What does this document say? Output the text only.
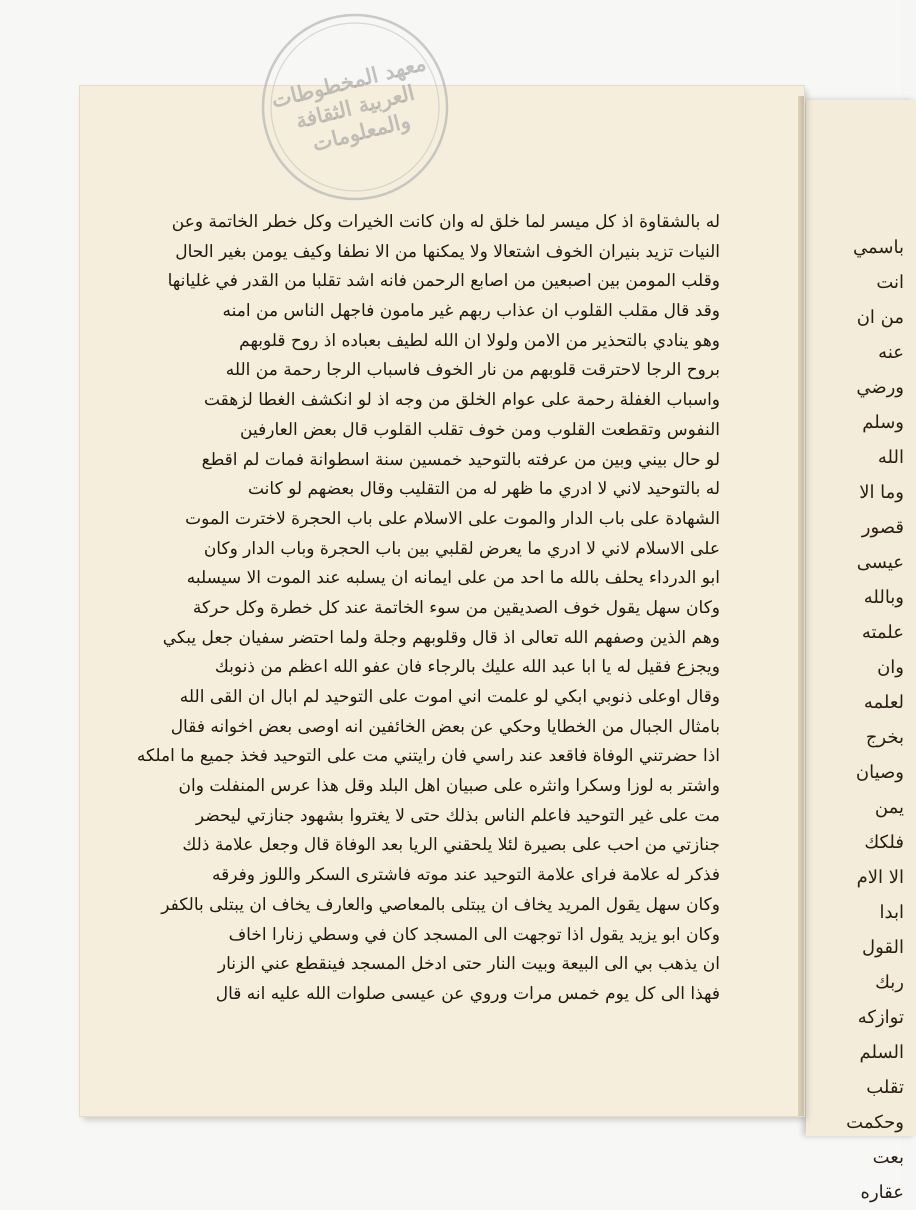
باسمي
انت
من ان
عنه
ورضي
وسلم
الله
وما الا
قصور
عيسى
وبالله
علمته
وان
لعلمه
بخرج
وصيان
يمن
فلكك
الا الام
ابدا
القول
ربك
توازكه
السلم
تقلب
وحكمت
بعت
عقاره
له بالشقاوة اذ كل ميسر لما خلق له وان كانت الخيرات وكل خطر الخاتمة وعن
النيات تزيد بنيران الخوف اشتعالا ولا يمكنها من الا نطفا وكيف يومن بغير الحال
وقلب المومن بين اصبعين من اصابع الرحمن فانه اشد تقلبا من القدر في غليانها
وقد قال مقلب القلوب ان عذاب ربهم غير مامون فاجهل الناس من امنه
وهو ينادي بالتحذير من الامن ولولا ان الله لطيف بعباده اذ روح قلوبهم
بروح الرجا لاحترقت قلوبهم من نار الخوف فاسباب الرجا رحمة من الله
واسباب الغفلة رحمة على عوام الخلق من وجه اذ لو انكشف الغطا لزهقت
النفوس وتقطعت القلوب ومن خوف تقلب القلوب قال بعض العارفين
لو حال بيني وبين من عرفته بالتوحيد خمسين سنة اسطوانة فمات لم اقطع
له بالتوحيد لاني لا ادري ما ظهر له من التقليب وقال بعضهم لو كانت
الشهادة على باب الدار والموت على الاسلام على باب الحجرة لاخترت الموت
على الاسلام لاني لا ادري ما يعرض لقلبي بين باب الحجرة وباب الدار وكان
ابو الدرداء يحلف بالله ما احد من على ايمانه ان يسلبه عند الموت الا سيسلبه
وكان سهل يقول خوف الصديقين من سوء الخاتمة عند كل خطرة وكل حركة
وهم الذين وصفهم الله تعالى اذ قال وقلوبهم وجلة ولما احتضر سفيان جعل يبكي
ويجزع فقيل له يا ابا عبد الله عليك بالرجاء فان عفو الله اعظم من ذنوبك
وقال اوعلى ذنوبي ابكي لو علمت اني اموت على التوحيد لم ابال ان القى الله
بامثال الجبال من الخطايا وحكي عن بعض الخائفين انه اوصى بعض اخوانه فقال
اذا حضرتني الوفاة فاقعد عند راسي فان رايتني مت على التوحيد فخذ جميع ما املكه
واشتر به لوزا وسكرا وانثره على صبيان اهل البلد وقل هذا عرس المنفلت وان
مت على غير التوحيد فاعلم الناس بذلك حتى لا يغتروا بشهود جنازتي ليحضر
جنازتي من احب على بصيرة لئلا يلحقني الريا بعد الوفاة قال وجعل علامة ذلك
فذكر له علامة فراى علامة التوحيد عند موته فاشترى السكر واللوز وفرقه
وكان سهل يقول المريد يخاف ان يبتلى بالمعاصي والعارف يخاف ان يبتلى بالكفر
وكان ابو يزيد يقول اذا توجهت الى المسجد كان في وسطي زنارا اخاف
ان يذهب بي الى البيعة وبيت النار حتى ادخل المسجد فينقطع عني الزنار
فهذا الى كل يوم خمس مرات وروي عن عيسى صلوات الله عليه انه قال
معهد المخطوطات العربية الثقافة والمعلومات
